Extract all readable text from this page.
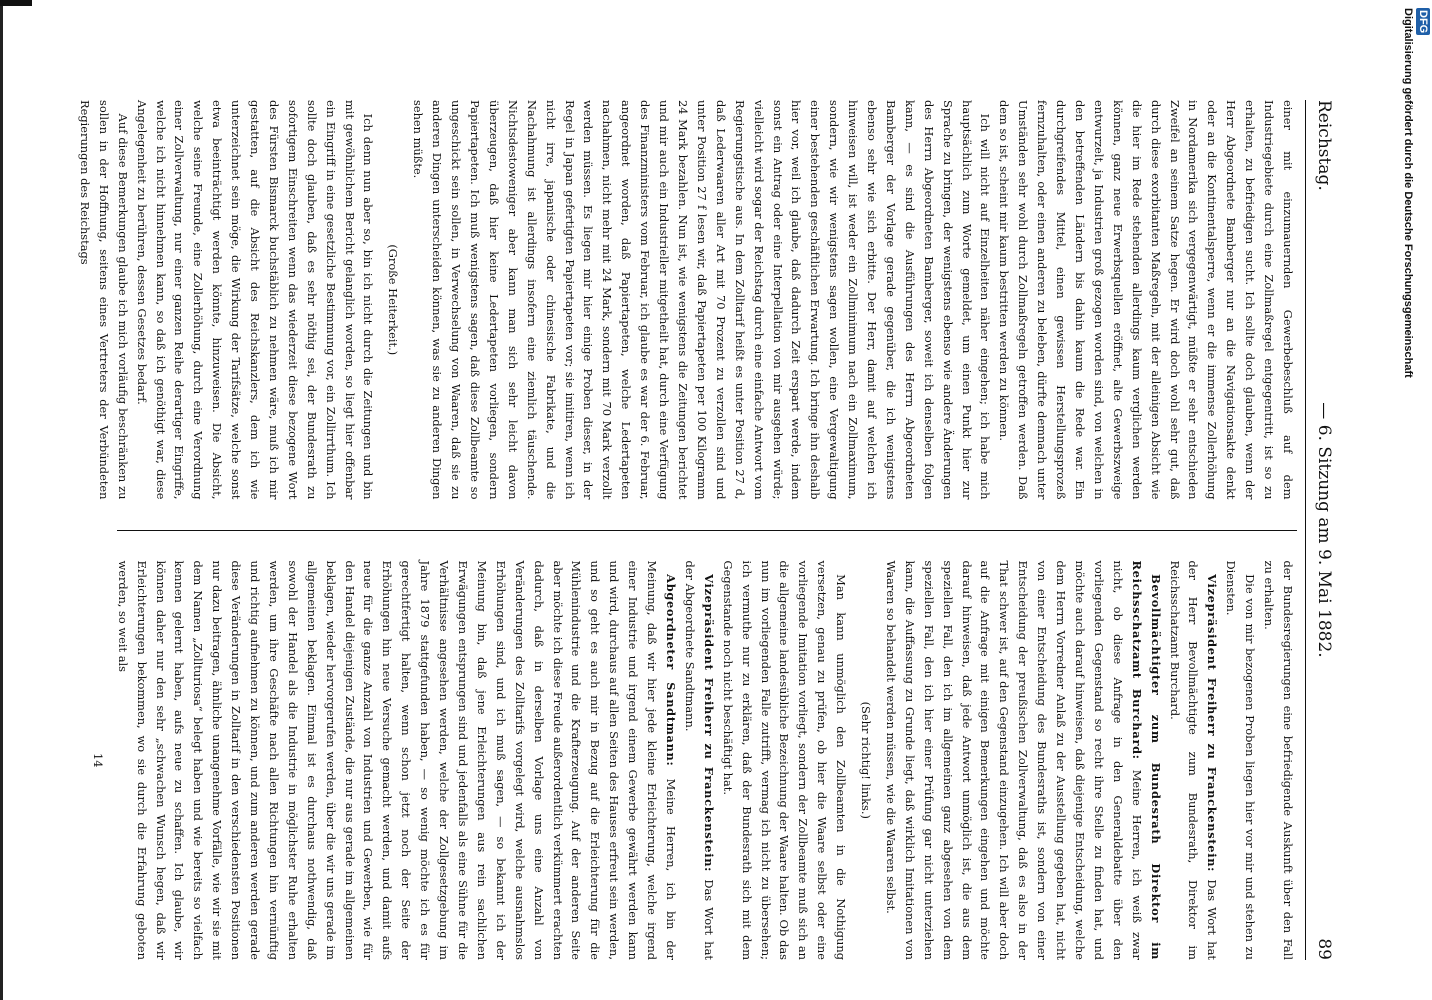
Reichstag.
— 6. Sitzung am 9. Mai 1882.
89

einer mit einzumauernden Gewerbebeschluß auf dem Industriegebiete durch eine Zollmaßregel entgegentritt, ist so zu erhalten, zu befriedigen sucht. Ich sollte doch glauben, wenn der Herr Abgeordnete Bamberger nur an die Navigationsakte denkt oder an die Kontinentalsperre, wenn er die immense Zollerhöhung in Nordamerika sich vergegenwärtigt, müßte er sehr entschieden Zweifel an seinem Satze hegen. Er wird doch wohl sehr gut, daß durch diese exorbitanten Maßregeln, mit der alleinigen Absicht wie die hier im Rede stehenden allerdings kaum verglichen werden können, ganz neue Erwerbsquellen eröffnet, alte Gewerbszweige entwurzelt, ja Industrien groß gezogen worden sind, von welchen in den betreffenden Ländern bis dahin kaum die Rede war. Ein durchgreifendes Mittel, einen gewissen Herstellungsprozeß fernzuhalten, oder einen anderen zu beleben, dürfte demnach unter Umständen sehr wohl durch Zollmaßregeln getroffen werden. Daß dem so ist, scheint mir kaum bestritten werden zu können.

Ich will nicht auf Einzelheiten näher eingehen; ich habe mich hauptsächlich zum Worte gemeldet, um einen Punkt hier zur Sprache zu bringen, der wenigstens ebenso wie andere Änderungen des Herrn Abgeordneten Bamberger, soweit ich denselben folgen kann, — es sind die Ausführungen des Herrn Abgeordneten Bamberger der Vorlage gerade gegenüber, die ich wenigstens ebenso sehr wie sich erbitte. Der Herr, damit auf welchen ich hinweisen will, ist weder ein Zollminimum nach ein Zollmaximum, sondern, wie wir wenigstens sagen wollen, eine Vergewaltigung einer bestehenden geschäftlichen Erwartung. Ich bringe ihn deshalb hier vor, weil ich glaube, daß dadurch Zeit erspart werde, indem sonst ein Antrag oder eine Interpellation von mir ausgehen würde; vielleicht wird sogar der Reichstag durch eine einfache Antwort vom Regierungstische aus. In dem Zolltarif heißt es unter Position 27 d, daß Lederwaaren aller Art mit 70 Prozent zu verzollen sind und unter Position 27 f lesen wir, daß Papiertapeten per 100 Kilogramm 24 Mark bezahlen. Nun ist, wie wenigstens die Zeitungen berichtet und mir auch ein Industrieller mitgetheilt hat, durch eine Verfügung des Finanzministers vom Februar, ich glaube es war der 6. Februar, angeordnet worden, daß Papiertapeten, welche Ledertapeten nachahmen, nicht mehr mit 24 Mark, sondern mit 70 Mark verzollt werden müssen. Es liegen mir hier einige Proben dieser, in der Regel in Japan gefertigten Papiertapeten vor; sie imitiren, wenn ich nicht irre, japanische oder chinesische Fabrikate, und die Nachahmung ist allerdings insofern eine ziemlich täuschende. Nichtsdestoweniger aber kann man sich sehr leicht davon überzeugen, daß hier keine Ledertapeten vorliegen, sondern Papiertapeten. Ich muß wenigstens sagen, daß diese Zollbeamte so ungeschickt sein sollen, in Verwechselung von Waaren, daß sie zu anderen Dingen unterscheiden können, was sie zu anderen Dingen sehen müßte.

(Große Heiterkeit.)

Ich denn nun aber so, bin ich nicht durch die Zeitungen und bin mit gewöhnlichem Bericht gelanglich worden, so liegt hier offenbar ein Eingriff in eine gesetzliche Bestimmung vor, ein Zollirrthum. Ich sollte doch glauben, daß es sehr nöthig sei, der Bundesrath zu sofortigem Einschreiten wenn das wiederzeit diese bezogene Wort des Fürsten Bismarck buchstäblich zu nehmen wäre, muß ich mir gestatten, auf die Absicht des Reichskanzlers, dem ich wie unterzeichnet sein möge, die Wirkung der Tarifsätze, welche sonst etwa beeinträchtigt werden könnte, hinzuweisen. Die Absicht, welche seine Freunde, eine Zollerhöhung, durch eine Verordnung einer Zollverwaltung, nur einer ganzen Reihe derartiger Eingriffe, welche ich nicht hinnehmen kann, so daß ich genöthigt war, diese Angelegenheit zu berühren, dessen Gesetzes bedarf.

Auf diese Bemerkungen glaube ich mich vorläufig beschränken zu sollen in der Hoffnung, seitens eines Vertreters der Verbündeten Regierungen des Reichstags

der Bundesregierungen eine befriedigende Auskunft über den Fall zu erhalten.

Die von mir bezogenen Proben liegen hier vor mir und stehen zu Diensten.

Vizepräsident Freiherr zu Franckenstein: Das Wort hat der Herr Bevollmächtigte zum Bundesrath, Direktor im Reichsschatzamt Burchard.

Bevollmächtigter zum Bundesrath Direktor im Reichsschatzamt Burchard: Meine Herren, ich weiß zwar nicht, ob diese Anfrage in den Generaldebatte über den vorliegenden Gegenstand so recht ihre Stelle zu finden hat, und möchte auch darauf hinweisen, daß diejenige Entscheidung, welche dem Herrn Vorredner Anlaß zu der Ausstellung gegeben hat, nicht von einer Entscheidung des Bundesraths ist, sondern von einer Entscheidung der preußischen Zollverwaltung, daß es also in der That schwer ist, auf den Gegenstand einzugehen. Ich will aber doch auf die Anfrage mit einigen Bemerkungen eingehen und möchte darauf hinweisen, daß jede Antwort unmöglich ist, die aus dem speziellen Fall, den ich im allgemeinen ganz abgesehen von dem speziellen Fall, den ich hier einer Prüfung gar nicht unterziehen kann, die Auffassung zu Grunde liegt, daß wirklich Imitationen von Waaren so behandelt werden müssen, wie die Waaren selbst.

(Sehr richtig! links.)

Man kann unmöglich den Zollbeamten in die Nothigung versetzen, genau zu prüfen, ob hier die Waare selbst oder eine vorliegende Imitation vorliegt, sondern der Zollbeamte muß sich an die allgemeine landesübliche Bezeichnung der Waare halten. Ob das nun im vorliegenden Falle zutrifft, vermag ich nicht zu übersehen; ich vermuthe nur zu erklären, daß der Bundesrath sich mit dem Gegenstande noch nicht beschäftigt hat.

Vizepräsident Freiherr zu Franckenstein: Das Wort hat der Abgeordnete Sandtmann.

Abgeordneter Sandtmann: Meine Herren, ich bin der Meinung, daß wir hier jede kleine Erleichterung, welche irgend einer Industrie und irgend einem Gewerbe gewährt werden kann und wird, durchaus auf allen Seiten des Hauses erfreut sein werden, und so geht es auch mir in Bezug auf die Erleichterung für die Mühlenindustrie und die Krafterzeugung. Auf der anderen Seite aber möchte ich diese Freude außerordentlich verkümmert erachten dadurch, daß in derselben Vorlage uns eine Anzahl von Veränderungen des Zolltarifs vorgelegt wird, welche ausnahmslos Erhöhungen sind, und ich muß sagen, — so bekannt ich der Meinung bin, daß jene Erleichterungen aus rein sachlichen Erwägungen entsprungen sind und jedenfalls als eine Sühne für die Verhältnisse angesehen werden, welche der Zollgesetzgebung im Jahre 1879 stattgefunden haben, — so wenig möchte ich es für gerechtfertigt halten, wenn schon jetzt noch der Seite der Erhöhungen hin neue Versuche gemacht werden, und damit aufs neue für die ganze Anzahl von Industrien und Gewerben, wie für den Handel diejenigen Zustände, die nur aus gerade im allgemeinen beklagen, wieder hervorgerufen werden, über die wir uns gerade im allgemeinen beklagen. Einmal ist es durchaus nothwendig, daß sowohl der Handel als die Industrie in möglichster Ruhe erhalten werden, um ihre Geschäfte nach allen Richtungen hin vernünftig und richtig aufnehmen zu können, und zum anderen werden gerade diese Veränderungen in Zolltarif in den verschiedensten Positionen nur dazu beitragen, ähnliche unangenehme Vorfälle, wie wir sie mit dem Namen „Zollturiosa“ belegt haben und wie bereits so vielfach kennen gelernt haben, aufs neue zu schaffen. Ich glaube, wir können daher nur den sehr „schwachen Wunsch hegen, daß wir Erleichterungen bekommen, wo sie durch die Erfahrung geboten werden, so weit als

14

Digitalisierung gefördert durch die Deutsche Forschungsgemeinschaft DFG
